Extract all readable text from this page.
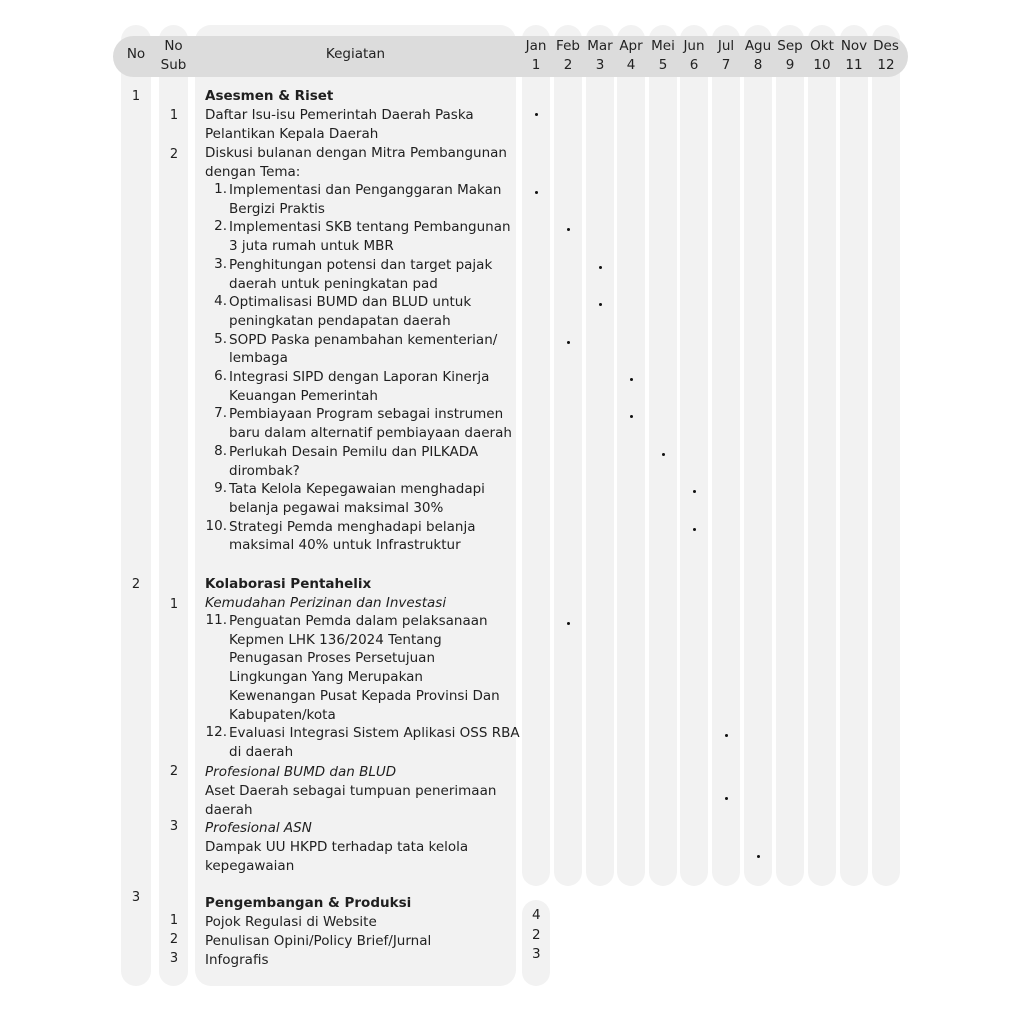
No	No
Sub
Kegiatan	Jan
1
Feb
2
Mar
3
Apr
4
Mei
5
Jun
6
Jul
7
Agu
8
Sep
9
Okt
10
Nov
11
Des
12
1
2
3
1
2
1
2
3
1
2
3
Asesmen & Riset
Daftar Isu-isu Pemerintah Daerah Paska
Pelantikan Kepala Daerah
Diskusi bulanan dengan Mitra Pembangunan
dengan Tema:
1. Implementasi dan Penganggaran Makan
Bergizi Praktis
2. Implementasi SKB tentang Pembangunan
3 juta rumah untuk MBR
3. Penghitungan potensi dan target pajak
daerah untuk peningkatan pad
4. Optimalisasi BUMD dan BLUD untuk
peningkatan pendapatan daerah
5. SOPD Paska penambahan kementerian/
lembaga
6. Integrasi SIPD dengan Laporan Kinerja
Keuangan Pemerintah
7. Pembiayaan Program sebagai instrumen
baru dalam alternatif pembiayaan daerah
8. Perlukah Desain Pemilu dan PILKADA
dirombak?
9. Tata Kelola Kepegawaian menghadapi
belanja pegawai maksimal 30%
10. Strategi Pemda menghadapi belanja
maksimal 40% untuk Infrastruktur
Kolaborasi Pentahelix
Kemudahan Perizinan dan Investasi
11. Penguatan Pemda dalam pelaksanaan
Kepmen LHK 136/2024 Tentang
Penugasan Proses Persetujuan
Lingkungan Yang Merupakan
Kewenangan Pusat Kepada Provinsi Dan
Kabupaten/kota
12. Evaluasi Integrasi Sistem Aplikasi OSS RBA
di daerah
Profesional BUMD dan BLUD
Aset Daerah sebagai tumpuan penerimaan
daerah
Profesional ASN
Dampak UU HKPD terhadap tata kelola
kepegawaian
Pengembangan & Produksi
Pojok Regulasi di Website
Penulisan Opini/Policy Brief/Jurnal
Infografis
4
2
3
